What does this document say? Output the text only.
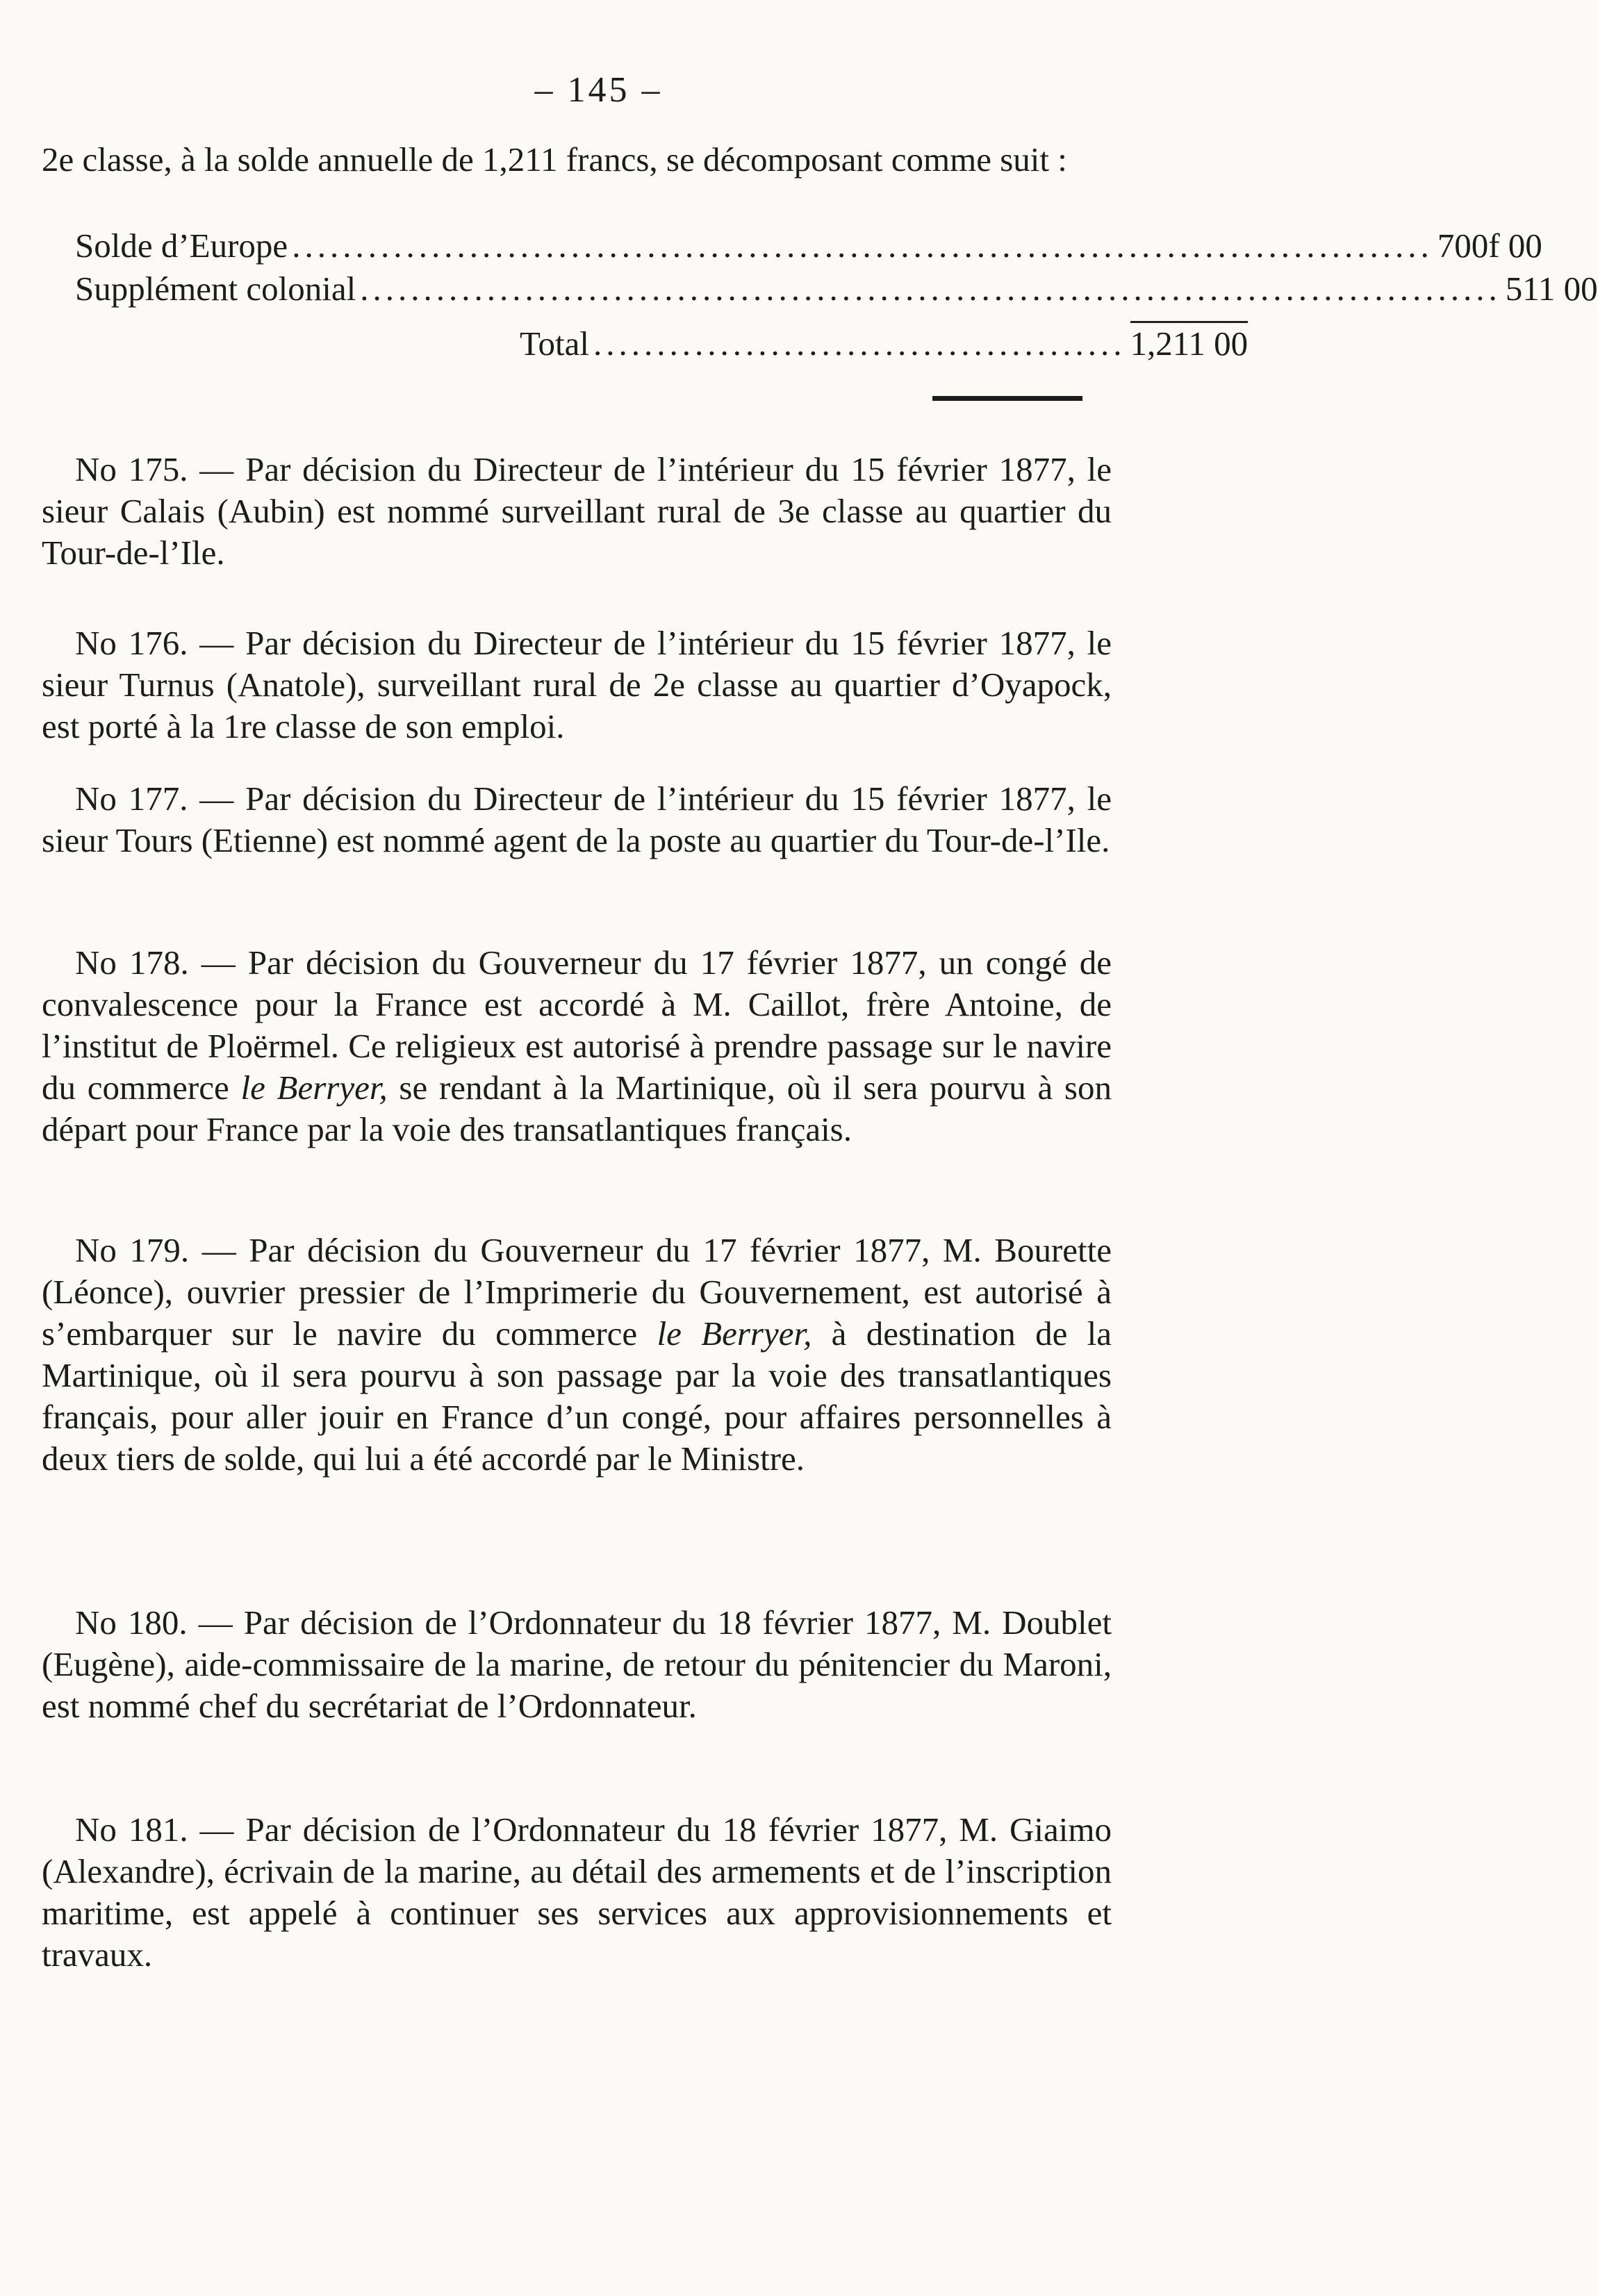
– 145 –

2e classe, à la solde annuelle de 1,211 francs, se décomposant comme suit :

Solde d’Europe .......................................................................................... 700f 00
Supplément colonial .......................................................................................... 511 00
Total .......................................... 1,211 00

No 175. — Par décision du Directeur de l’intérieur du 15 février 1877, le sieur Calais (Aubin) est nommé surveillant rural de 3e classe au quartier du Tour-de-l’Ile.

No 176. — Par décision du Directeur de l’intérieur du 15 février 1877, le sieur Turnus (Anatole), surveillant rural de 2e classe au quartier d’Oyapock, est porté à la 1re classe de son emploi.

No 177. — Par décision du Directeur de l’intérieur du 15 février 1877, le sieur Tours (Etienne) est nommé agent de la poste au quartier du Tour-de-l’Ile.

No 178. — Par décision du Gouverneur du 17 février 1877, un congé de convalescence pour la France est accordé à M. Caillot, frère Antoine, de l’institut de Ploërmel. Ce religieux est autorisé à prendre passage sur le navire du commerce le Berryer, se rendant à la Martinique, où il sera pourvu à son départ pour France par la voie des transatlantiques français.

No 179. — Par décision du Gouverneur du 17 février 1877, M. Bourette (Léonce), ouvrier pressier de l’Imprimerie du Gouvernement, est autorisé à s’embarquer sur le navire du commerce le Berryer, à destination de la Martinique, où il sera pourvu à son passage par la voie des transatlantiques français, pour aller jouir en France d’un congé, pour affaires personnelles à deux tiers de solde, qui lui a été accordé par le Ministre.

No 180. — Par décision de l’Ordonnateur du 18 février 1877, M. Doublet (Eugène), aide-commissaire de la marine, de retour du pénitencier du Maroni, est nommé chef du secrétariat de l’Ordonnateur.

No 181. — Par décision de l’Ordonnateur du 18 février 1877, M. Giaimo (Alexandre), écrivain de la marine, au détail des armements et de l’inscription maritime, est appelé à continuer ses services aux approvisionnements et travaux.
